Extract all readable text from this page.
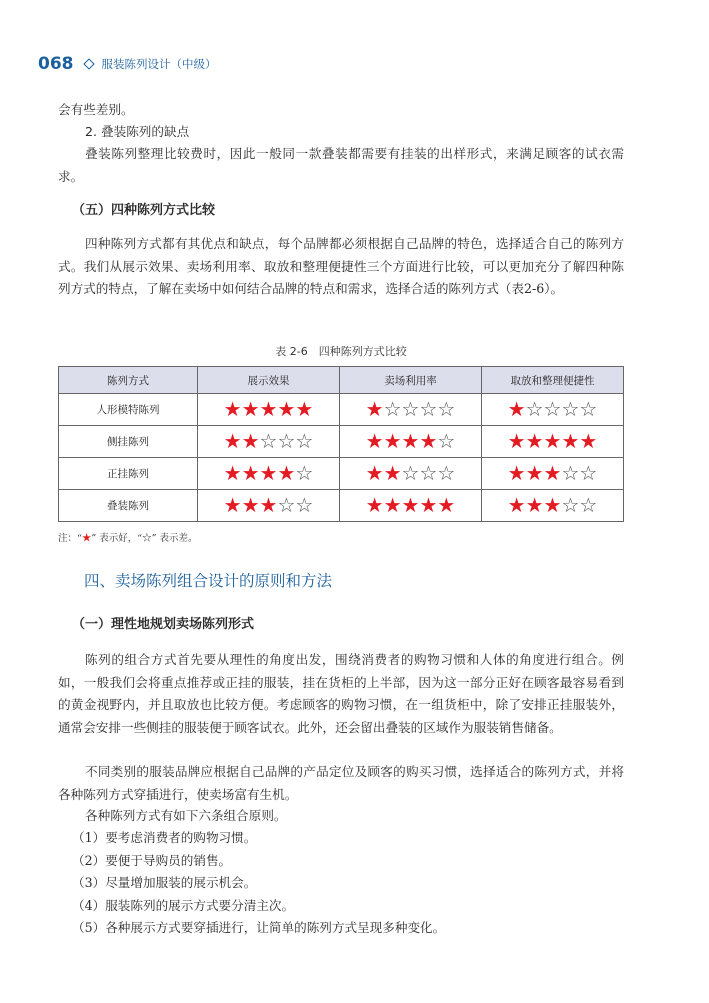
068 服装陈列设计（中级）

会有些差别。

2. 叠装陈列的缺点

叠装陈列整理比较费时，因此一般同一款叠装都需要有挂装的出样形式，来满足顾客的试衣需求。

（五）四种陈列方式比较

四种陈列方式都有其优点和缺点，每个品牌都必须根据自己品牌的特色，选择适合自己的陈列方式。我们从展示效果、卖场利用率、取放和整理便捷性三个方面进行比较，可以更加充分了解四种陈列方式的特点，了解在卖场中如何结合品牌的特点和需求，选择合适的陈列方式（表2-6）。

表 2-6　四种陈列方式比较

陈列方式	展示效果	卖场利用率	取放和整理便捷性
人形模特陈列	★ ★ ★ ★ ★	★ ☆ ☆ ☆ ☆	★ ☆ ☆ ☆ ☆

侧挂陈列	★ ★ ☆ ☆ ☆	★ ★ ★ ★ ☆	★ ★ ★ ★ ★

正挂陈列	★ ★ ★ ★ ☆	★ ★ ☆ ☆ ☆	★ ★ ★ ☆ ☆

叠装陈列	★ ★ ★ ☆ ☆	★ ★ ★ ★ ★	★ ★ ★ ☆ ☆

注：“★” 表示好，“☆” 表示差。

四、卖场陈列组合设计的原则和方法

（一）理性地规划卖场陈列形式

陈列的组合方式首先要从理性的角度出发，围绕消费者的购物习惯和人体的角度进行组合。例如，一般我们会将重点推荐或正挂的服装，挂在货柜的上半部，因为这一部分正好在顾客最容易看到的黄金视野内，并且取放也比较方便。考虑顾客的购物习惯，在一组货柜中，除了安排正挂服装外，通常会安排一些侧挂的服装便于顾客试衣。此外，还会留出叠装的区域作为服装销售储备。

不同类别的服装品牌应根据自己品牌的产品定位及顾客的购买习惯，选择适合的陈列方式，并将各种陈列方式穿插进行，使卖场富有生机。

各种陈列方式有如下六条组合原则。

（1）要考虑消费者的购物习惯。

（2）要便于导购员的销售。

（3）尽量增加服装的展示机会。

（4）服装陈列的展示方式要分清主次。

（5）各种展示方式要穿插进行，让简单的陈列方式呈现多种变化。
